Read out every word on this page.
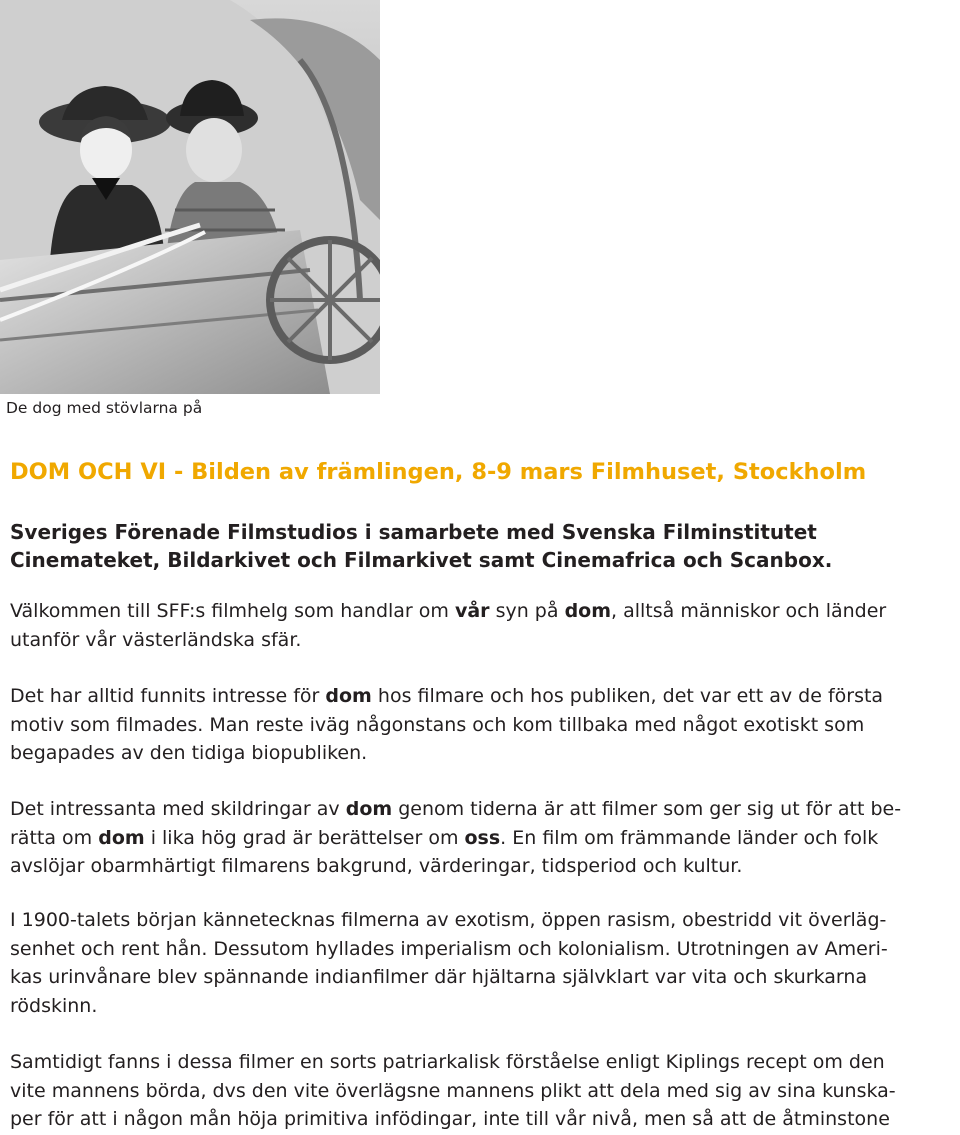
De dog med stövlarna på
DOM OCH VI - Bilden av främlingen, 8-9 mars Filmhuset, Stockholm
Sveriges Förenade Filmstudios i samarbete med Svenska Filminstitutet
Cinemateket, Bildarkivet och Filmarkivet samt Cinemafrica och Scanbox.
Välkommen till SFF:s filmhelg som handlar om vår syn på dom, alltså människor och länder
utanför vår västerländska sfär.
Det har alltid funnits intresse för dom hos filmare och hos publiken, det var ett av de första
motiv som filmades. Man reste iväg någonstans och kom tillbaka med något exotiskt som
begapades av den tidiga biopubliken.
Det intressanta med skildringar av dom genom tiderna är att filmer som ger sig ut för att be-
rätta om dom i lika hög grad är berättelser om oss. En film om främmande länder och folk
avslöjar obarmhärtigt filmarens bakgrund, värderingar, tidsperiod och kultur.
I 1900-talets början kännetecknas filmerna av exotism, öppen rasism, obestridd vit överläg-
senhet och rent hån. Dessutom hyllades imperialism och kolonialism. Utrotningen av Ameri-
kas urinvånare blev spännande indianfilmer där hjältarna självklart var vita och skurkarna
rödskinn.
Samtidigt fanns i dessa filmer en sorts patriarkalisk förståelse enligt Kiplings recept om den
vite mannens börda, dvs den vite överlägsne mannens plikt att dela med sig av sina kunska-
per för att i någon mån höja primitiva infödingar, inte till vår nivå, men så att de åtminstone
